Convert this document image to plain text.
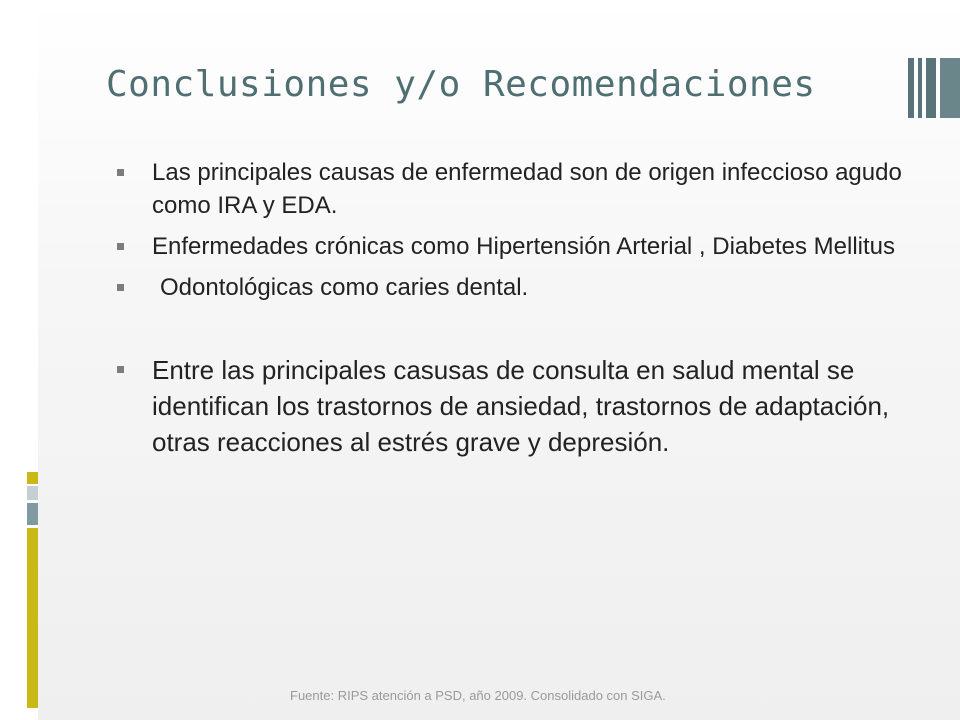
Conclusiones y/o Recomendaciones
Las principales causas de enfermedad son de origen infeccioso agudo como IRA y EDA.
Enfermedades crónicas como Hipertensión Arterial , Diabetes Mellitus
Odontológicas como caries dental.
Entre las principales casusas de consulta en salud mental se identifican los trastornos de ansiedad, trastornos de adaptación, otras reacciones al estrés grave y depresión.
Fuente: RIPS atención a PSD, año 2009. Consolidado con SIGA.
